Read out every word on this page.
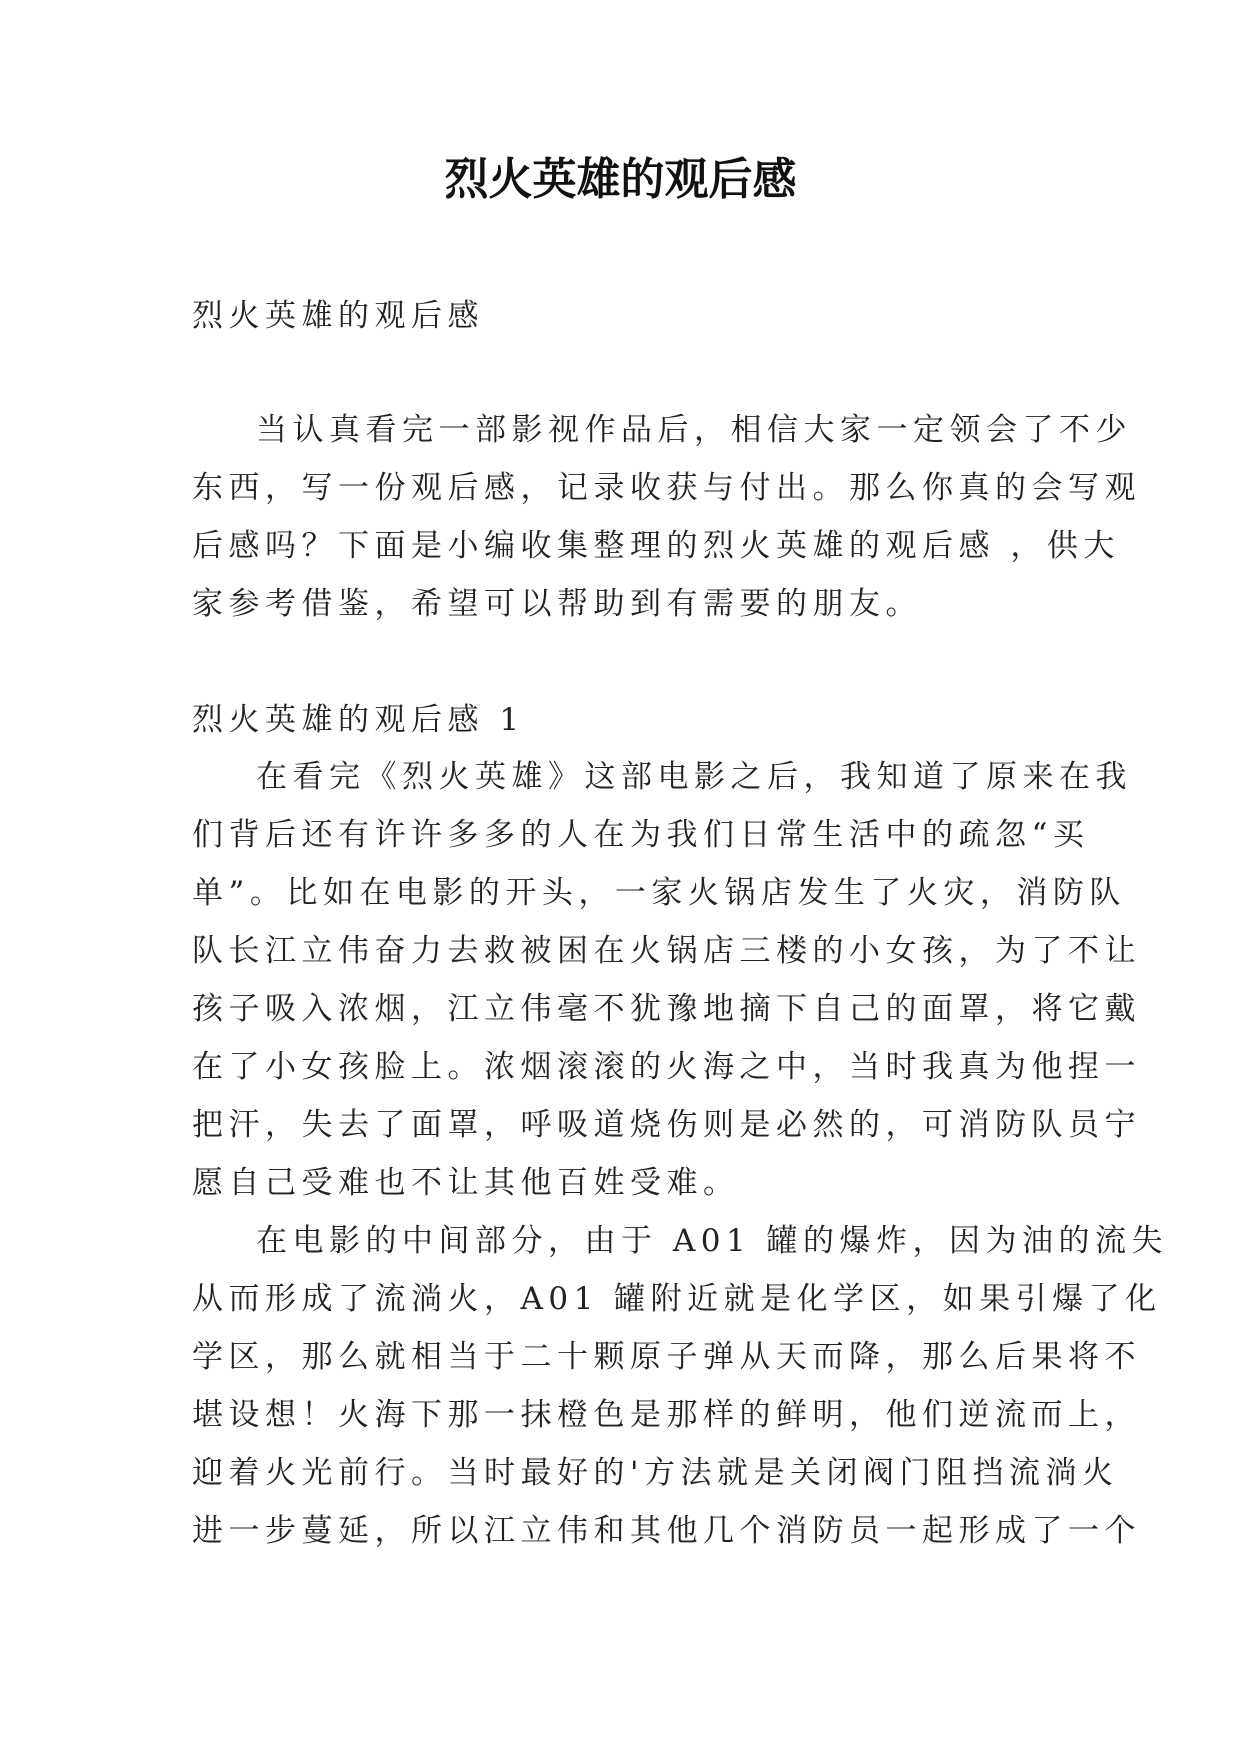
烈火英雄的观后感
烈火英雄的观后感
当认真看完一部影视作品后，相信大家一定领会了不少
东西，写一份观后感，记录收获与付出。那么你真的会写观
后感吗？下面是小编收集整理的烈火英雄的观后感 ，供大
家参考借鉴，希望可以帮助到有需要的朋友。
烈火英雄的观后感 1
在看完《烈火英雄》这部电影之后，我知道了原来在我
们背后还有许许多多的人在为我们日常生活中的疏忽“买
单”。比如在电影的开头，一家火锅店发生了火灾，消防队
队长江立伟奋力去救被困在火锅店三楼的小女孩，为了不让
孩子吸入浓烟，江立伟毫不犹豫地摘下自己的面罩，将它戴
在了小女孩脸上。浓烟滚滚的火海之中，当时我真为他捏一
把汗，失去了面罩，呼吸道烧伤则是必然的，可消防队员宁
愿自己受难也不让其他百姓受难。
在电影的中间部分，由于 A01 罐的爆炸，因为油的流失
从而形成了流淌火，A01 罐附近就是化学区，如果引爆了化
学区，那么就相当于二十颗原子弹从天而降，那么后果将不
堪设想！火海下那一抹橙色是那样的鲜明，他们逆流而上，
迎着火光前行。当时最好的'方法就是关闭阀门阻挡流淌火
进一步蔓延，所以江立伟和其他几个消防员一起形成了一个
